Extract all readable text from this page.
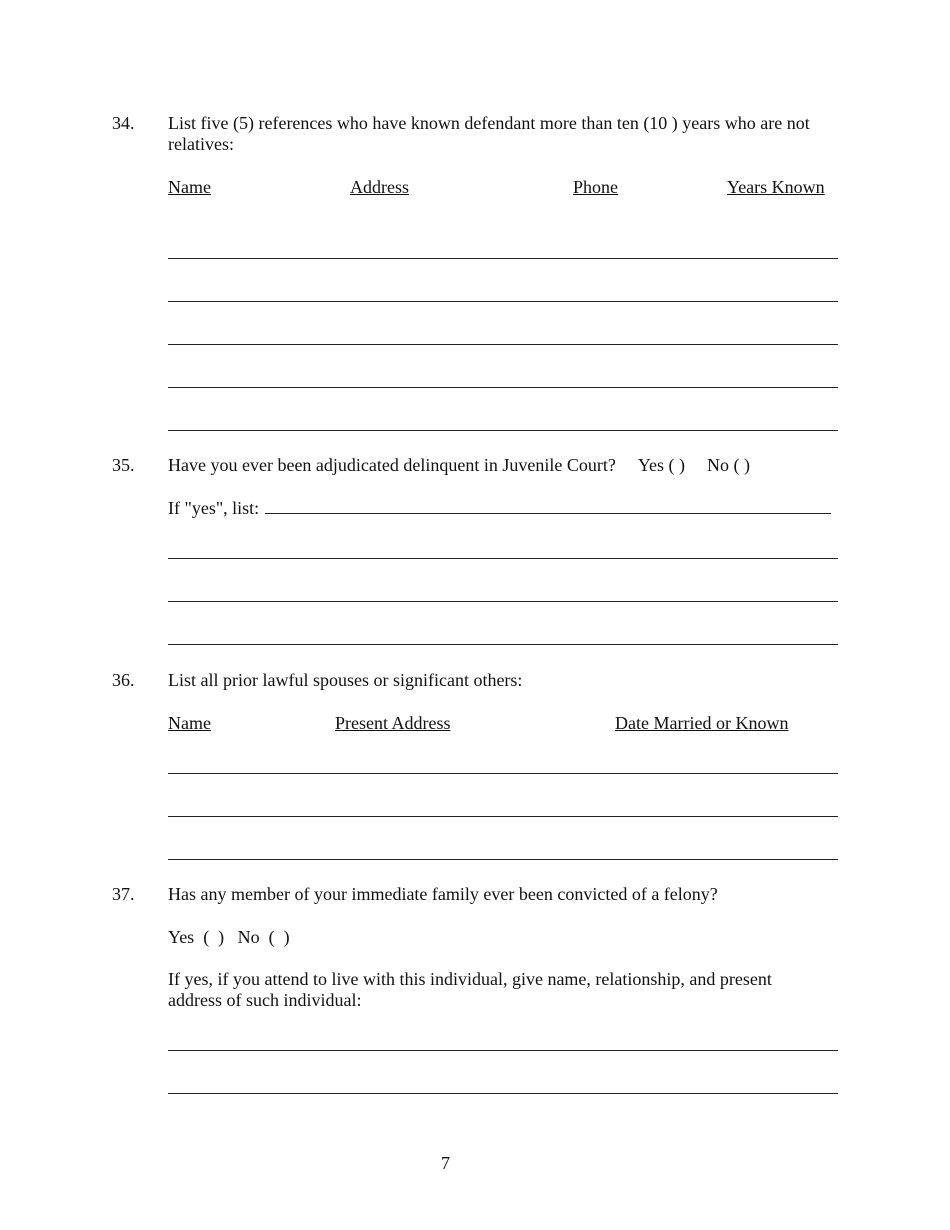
34. List five (5) references who have known defendant more than ten (10 ) years who are not relatives:
Name	Address	Phone	Years Known
35. Have you ever been adjudicated delinquent in Juvenile Court? Yes ( ) No ( )
If "yes", list:
36. List all prior lawful spouses or significant others:
Name	Present Address	Date Married or Known
37. Has any member of your immediate family ever been convicted of a felony?
Yes  (  )   No  (  )
If yes, if you attend to live with this individual, give name, relationship, and present address of such individual:
7
